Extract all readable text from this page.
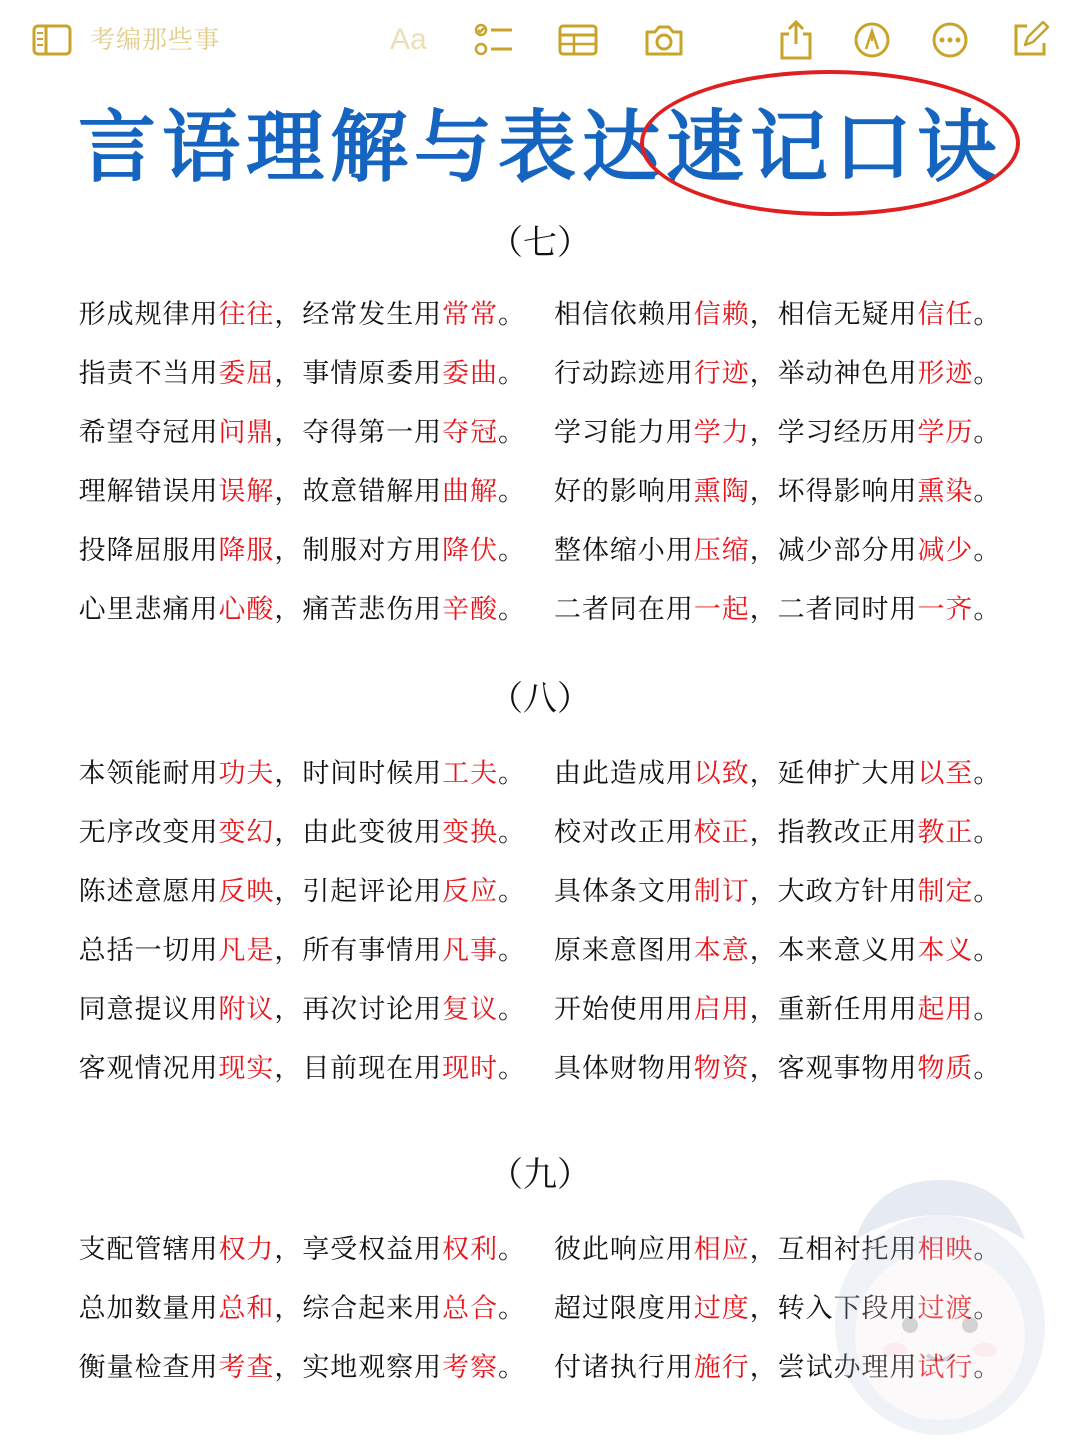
考编那些事	Aa
言语理解与表达速记口诀
（七）
形成规律用 往往 ，经常发生用 常常 。 相信依赖用 信赖 ，相信无疑用 信任 。
指责不当用 委屈 ，事情原委用 委曲 。 行动踪迹用 行迹 ，举动神色用 形迹 。
希望夺冠用 问鼎 ，夺得第一用 夺冠 。 学习能力用 学力 ，学习经历用 学历 。
理解错误用 误解 ，故意错解用 曲解 。 好的影响用 熏陶 ，坏得影响用 熏染 。
投降屈服用 降服 ，制服对方用 降伏 。 整体缩小用 压缩 ，减少部分用 减少 。
心里悲痛用 心酸 ，痛苦悲伤用 辛酸 。 二者同在用 一起 ，二者同时用 一齐 。
（八）
本领能耐用 功夫 ，时间时候用 工夫 。 由此造成用 以致 ，延伸扩大用 以至 。
无序改变用 变幻 ，由此变彼用 变换 。 校对改正用 校正 ，指教改正用 教正 。
陈述意愿用 反映 ，引起评论用 反应 。 具体条文用 制订 ，大政方针用 制定 。
总括一切用 凡是 ，所有事情用 凡事 。 原来意图用 本意 ，本来意义用 本义 。
同意提议用 附议 ，再次讨论用 复议 。 开始使用用 启用 ，重新任用用 起用 。
客观情况用 现实 ，目前现在用 现时 。 具体财物用 物资 ，客观事物用 物质 。
（九）
支配管辖用 权力 ，享受权益用 权利 。 彼此响应用 相应 ，互相衬托用 相映 。
总加数量用 总和 ，综合起来用 总合 。 超过限度用 过度 ，转入下段用 过渡 。
衡量检查用 考查 ，实地观察用 考察 。 付诸执行用 施行 ，尝试办理用 试行 。
